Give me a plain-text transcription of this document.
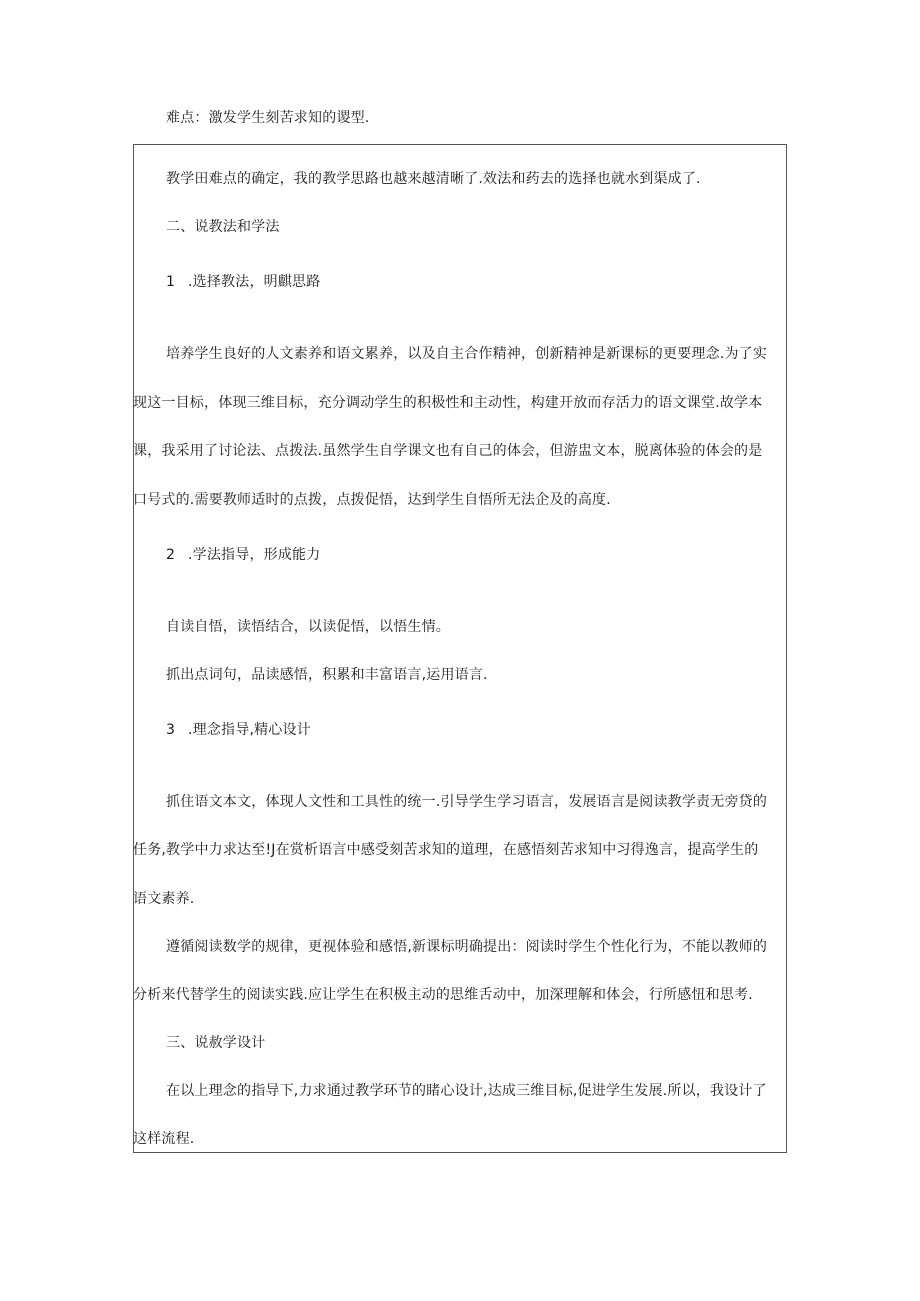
难点：激发学生刻苦求知的谡型.
教学田难点的确定，我的教学思路也越来越清晰了.效法和药去的选择也就水到渠成了.
二、说教法和学法
1 .选择教法，明麒思路
培养学生良好的人文素养和语文累养，以及自主合作精神，创新精神是新课标的更要理念.为了实
现这一目标，体现三维目标，充分调动学生的积极性和主动性，构建开放而存活力的语文课堂.故学本
课，我采用了讨论法、点拨法.虽然学生自学课文也有自己的体会，但游盅文本，脱离体验的体会的是
口号式的.需要教师适时的点拨，点拨促悟，达到学生自悟所无法企及的高度.
2 .学法指导，形成能力
自读自悟，读悟结合，以读促悟，以悟生情。
抓出点词句，品读感悟，积累和丰富语言,运用语言.
3 .理念指导,精心设计
抓住语文本文，体现人文性和工具性的统一.引导学生学习语言，发展语言是阅读教学责无旁贷的
任务,教学中力求达至!J在赏析语言中感受刻苦求知的道理，在感悟刻苦求知中习得逸言，提高学生的
语文素养.
遵循阅读数学的规律，更视体验和感悟,新课标明确提出：阅读时学生个性化行为，不能以教师的
分析来代替学生的阅读实践.应让学生在积极主动的思维舌动中，加深理解和体会，行所感忸和思考.
三、说赦学设计
在以上理念的指导下,力求通过教学环节的睹心设计,达成三维目标,促进学生发展.所以，我设计了
这样流程.
